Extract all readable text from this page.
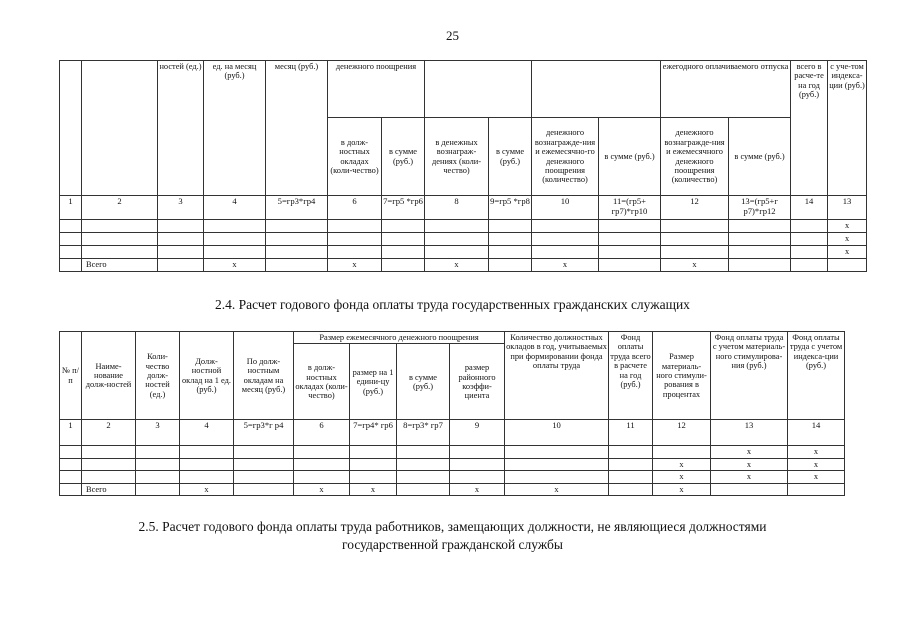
25
		ностей (ед.)	ед. на месяц (руб.)	месяц (руб.)	денежного поощрения						ежегодного оплачиваемого отпуска		всего в расче-те на год (руб.)	с уче-том индекса-ции (руб.)
					в долж-ностных окладах (коли-чество)	в сумме (руб.)	в денежных вознаграж-дениях (коли-чество)	в сумме (руб.)	денежного вознагражде-ния и ежемесячно-го денежного поощрения (количество)	в сумме (руб.)	денежного вознагражде-ния и ежемесячного денежного поощрения (количество)	в сумме (руб.)		
1	2	3	4	5=гр3*гр4	6	7=гр5 *гр6	8	9=гр5 *гр8	10	11=(гр5+ гр7)*гр10	12	13=(гр5+г р7)*гр12	14	13
														x
														x
														x
	Всего		x		x		x		x		x			
2.4. Расчет годового фонда оплаты труда государственных гражданских служащих
№ п/ п	Наиме-нование долж-ностей	Коли-чество долж-ностей (ед.)	Долж-ностной оклад на 1 ед. (руб.)	По долж-ностным окладам на месяц (руб.)	Размер ежемесячного денежного поощрения				Количество должностных окладов в год, учитываемых при формировании фонда оплаты труда	Фонд оплаты труда всего в расчете на год (руб.)	Размер материаль-ного стимули-рования в процентах	Фонд оплаты труда с учетом материаль-ного стимулирова-ния (руб.)	Фонд оплаты труда с учетом индекса-ции (руб.)
					в долж-ностных окладах (коли-чество)	размер на 1 едини-цу (руб.)	в сумме (руб.)	размер районного коэффи-циента					
1	2	3	4	5=гр3*г р4	6	7=гр4* гр6	8=гр3* гр7	9	10	11	12	13	14
												x	x
											x	x	x
											x	x	x
	Всего		x		x	x		x	x		x		
2.5. Расчет годового фонда оплаты труда работников, замещающих должности, не являющиеся должностями
государственной гражданской службы
